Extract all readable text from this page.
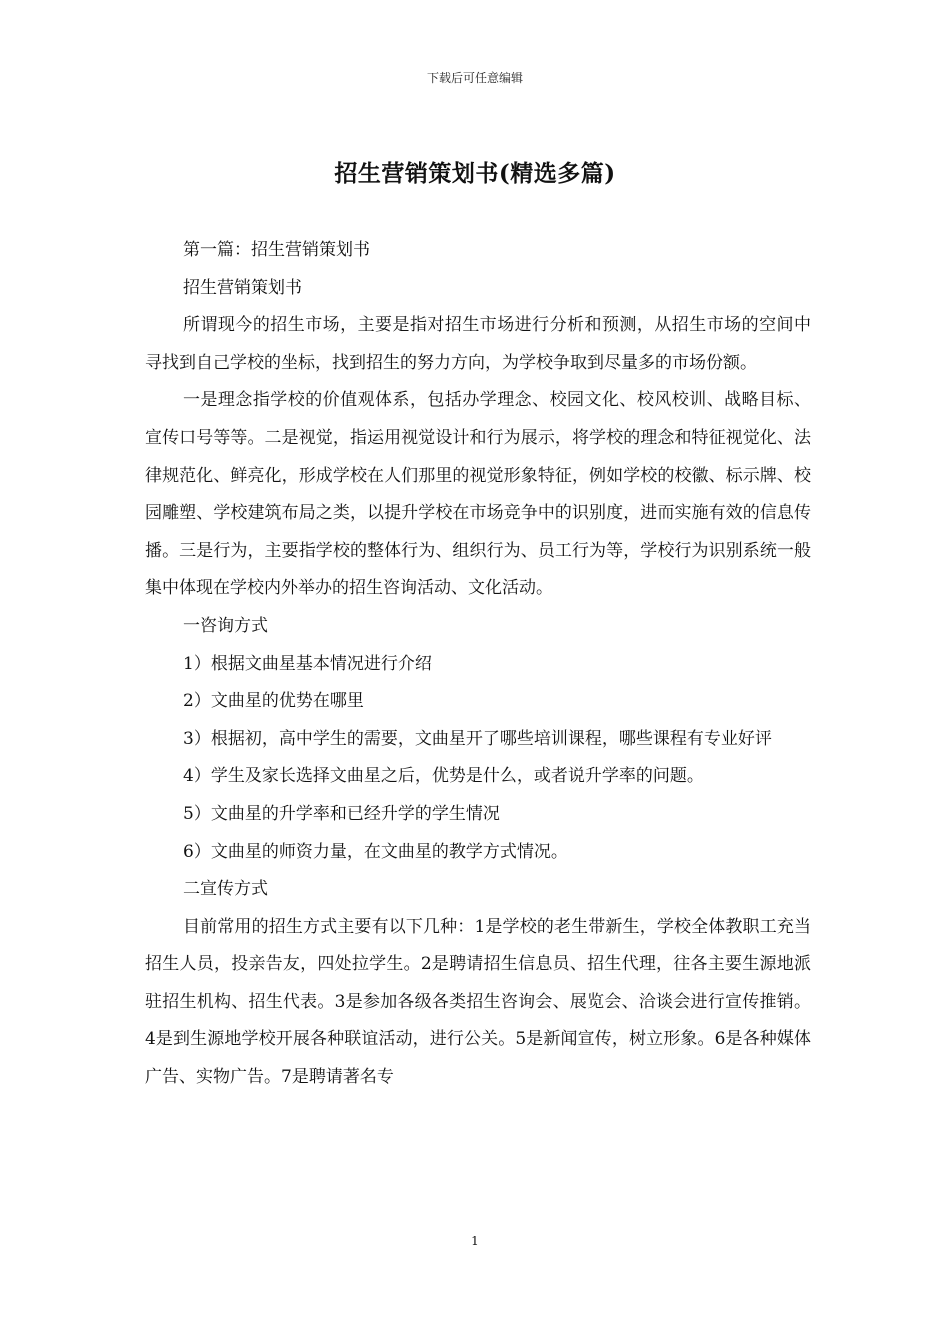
下载后可任意编辑
招生营销策划书(精选多篇)

第一篇：招生营销策划书

招生营销策划书

所谓现今的招生市场，主要是指对招生市场进行分析和预测，从招生市场的空间中寻找到自己学校的坐标，找到招生的努力方向，为学校争取到尽量多的市场份额。

一是理念指学校的价值观体系，包括办学理念、校园文化、校风校训、战略目标、宣传口号等等。二是视觉，指运用视觉设计和行为展示，将学校的理念和特征视觉化、法律规范化、鲜亮化，形成学校在人们那里的视觉形象特征，例如学校的校徽、标示牌、校园雕塑、学校建筑布局之类，以提升学校在市场竞争中的识别度，进而实施有效的信息传播。三是行为，主要指学校的整体行为、组织行为、员工行为等，学校行为识别系统一般集中体现在学校内外举办的招生咨询活动、文化活动。

一咨询方式

1）根据文曲星基本情况进行介绍

2）文曲星的优势在哪里

3）根据初，高中学生的需要，文曲星开了哪些培训课程，哪些课程有专业好评

4）学生及家长选择文曲星之后，优势是什么，或者说升学率的问题。

5）文曲星的升学率和已经升学的学生情况

6）文曲星的师资力量，在文曲星的教学方式情况。

二宣传方式

目前常用的招生方式主要有以下几种：1是学校的老生带新生，学校全体教职工充当招生人员，投亲告友，四处拉学生。2是聘请招生信息员、招生代理，往各主要生源地派驻招生机构、招生代表。3是参加各级各类招生咨询会、展览会、洽谈会进行宣传推销。4是到生源地学校开展各种联谊活动，进行公关。5是新闻宣传，树立形象。6是各种媒体广告、实物广告。7是聘请著名专

1
